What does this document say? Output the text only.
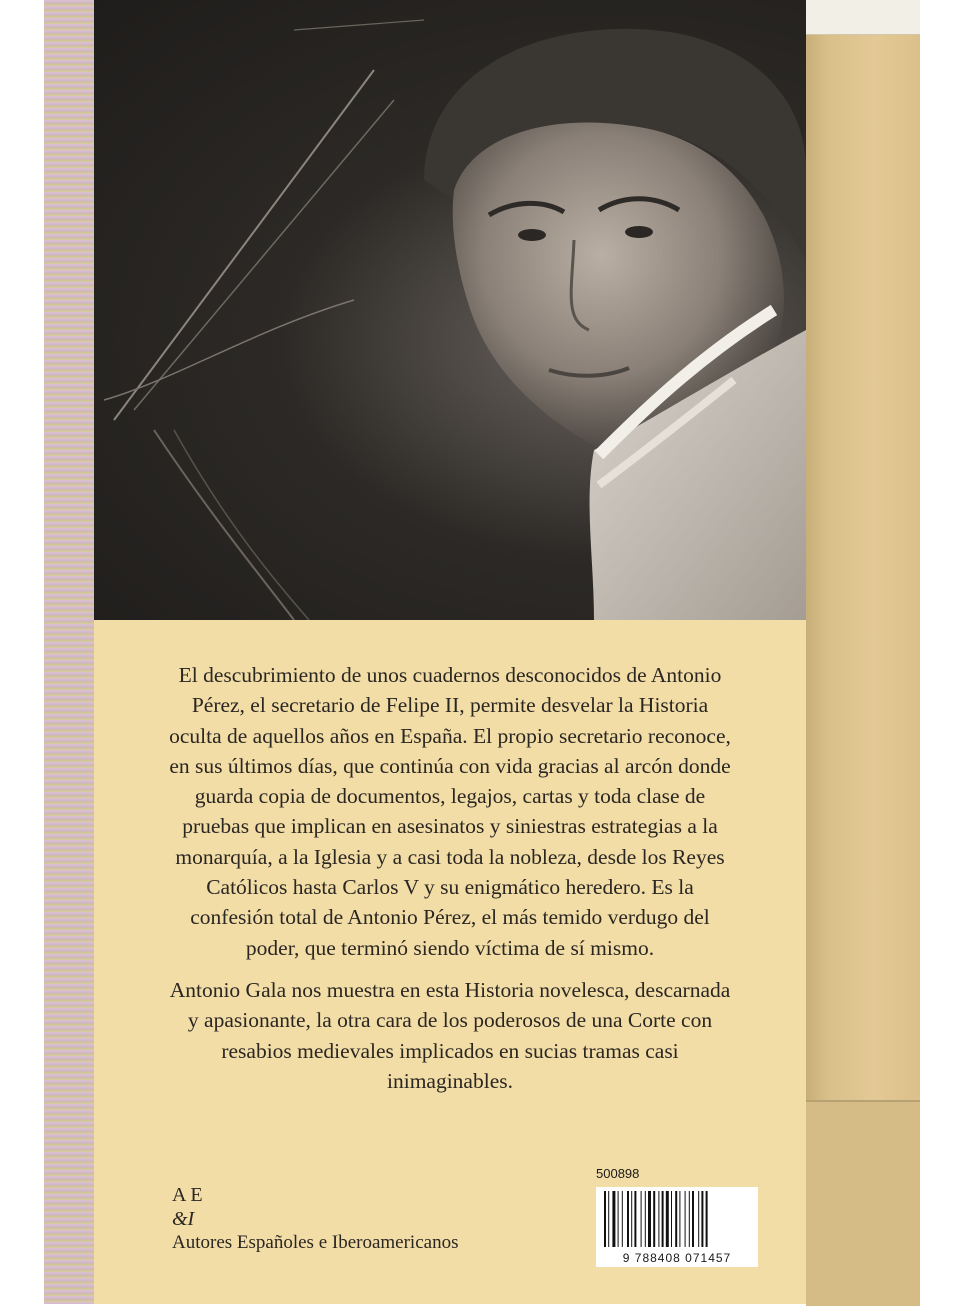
El descubrimiento de unos cuadernos desconocidos de Antonio Pérez, el secretario de Felipe II, permite desvelar la Historia oculta de aquellos años en España. El propio secretario reconoce, en sus últimos días, que continúa con vida gracias al arcón donde guarda copia de documentos, legajos, cartas y toda clase de pruebas que implican en asesinatos y siniestras estrategias a la monarquía, a la Iglesia y a casi toda la nobleza, desde los Reyes Católicos hasta Carlos V y su enigmático heredero. Es la confesión total de Antonio Pérez, el más temido verdugo del poder, que terminó siendo víctima de sí mismo.

Antonio Gala nos muestra en esta Historia novelesca, descarnada y apasionante, la otra cara de los poderosos de una Corte con resabios medievales implicados en sucias tramas casi inimaginables.

A E
&I
Autores Españoles e Iberoamericanos
500898
9 788408 071457
